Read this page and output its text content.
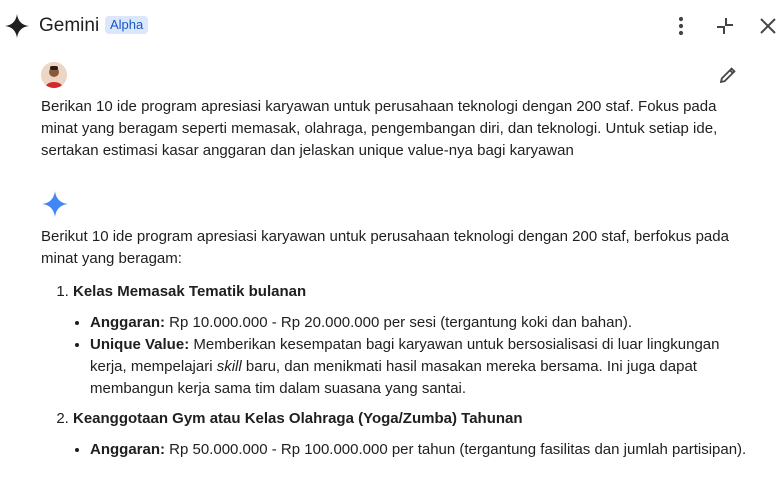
Gemini Alpha

Berikan 10 ide program apresiasi karyawan untuk perusahaan teknologi dengan 200 staf. Fokus pada minat yang beragam seperti memasak, olahraga, pengembangan diri, dan teknologi. Untuk setiap ide, sertakan estimasi kasar anggaran dan jelaskan unique value-nya bagi karyawan

Berikut 10 ide program apresiasi karyawan untuk perusahaan teknologi dengan 200 staf, berfokus pada minat yang beragam:

1. Kelas Memasak Tematik bulanan
• Anggaran: Rp 10.000.000 - Rp 20.000.000 per sesi (tergantung koki dan bahan).
• Unique Value: Memberikan kesempatan bagi karyawan untuk bersosialisasi di luar lingkungan kerja, mempelajari skill baru, dan menikmati hasil masakan mereka bersama. Ini juga dapat membangun kerja sama tim dalam suasana yang santai.
2. Keanggotaan Gym atau Kelas Olahraga (Yoga/Zumba) Tahunan
• Anggaran: Rp 50.000.000 - Rp 100.000.000 per tahun (tergantung fasilitas dan jumlah partisipan).
